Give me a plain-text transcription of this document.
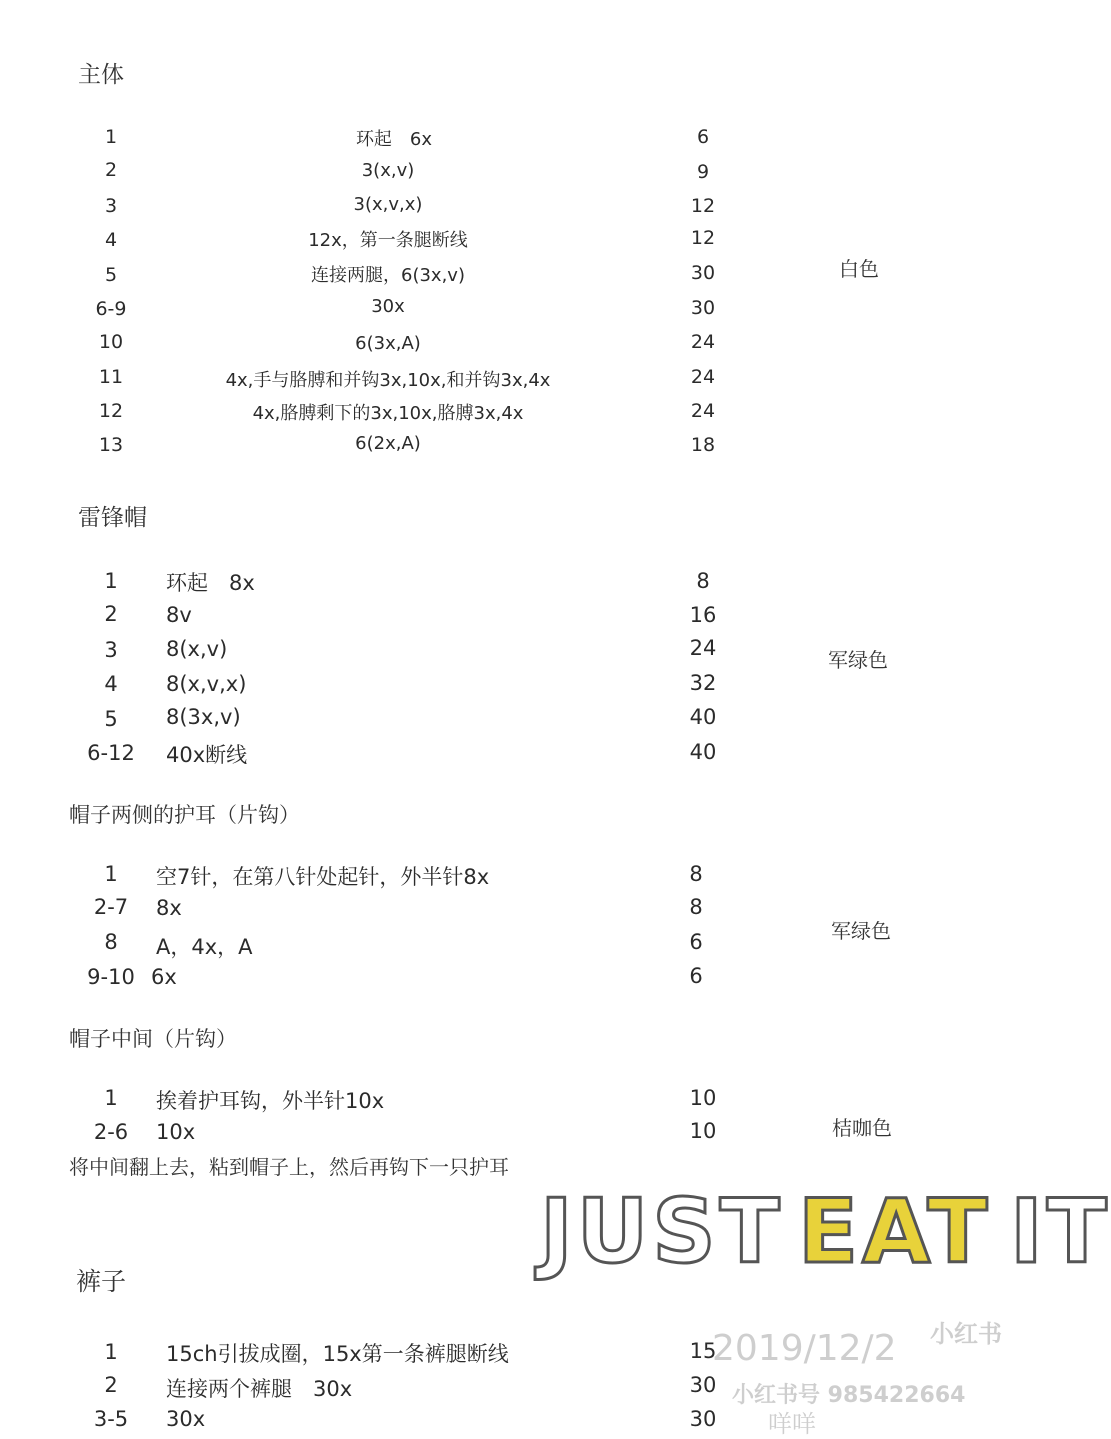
主体
1	环起　6x	6
2	3(x,v)	9
3	3(x,v,x)	12
4	12x，第一条腿断线	12
5	连接两腿，6(3x,v)	30
6-9	30x	30
10	6(3x,A)	24
11	4x,手与胳膊和并钩3x,10x,和并钩3x,4x	24
12	4x,胳膊剩下的3x,10x,胳膊3x,4x	24
13	6(2x,A)	18
白色
雷锋帽
1	环起　8x	8
2	8v	16
3	8(x,v)	24
4	8(x,v,x)	32
5	8(3x,v)	40
6-12	40x断线	40
军绿色
帽子两侧的护耳（片钩）
1	空7针，在第八针处起针，外半针8x	8
2-7	8x	8
8	A，4x，A	6
9-10 6x	6
军绿色
帽子中间（片钩）
1	挨着护耳钩，外半针10x	10
2-6	10x	10	桔咖色
将中间翻上去，粘到帽子上，然后再钩下一只护耳
JUST EAT IT
裤子
1	15ch引拔成圈，15x第一条裤腿断线	15
2	连接两个裤腿　30x	30
3-5	30x	30
小红书
2019/12/2
小红书号 985422664
咩咩
